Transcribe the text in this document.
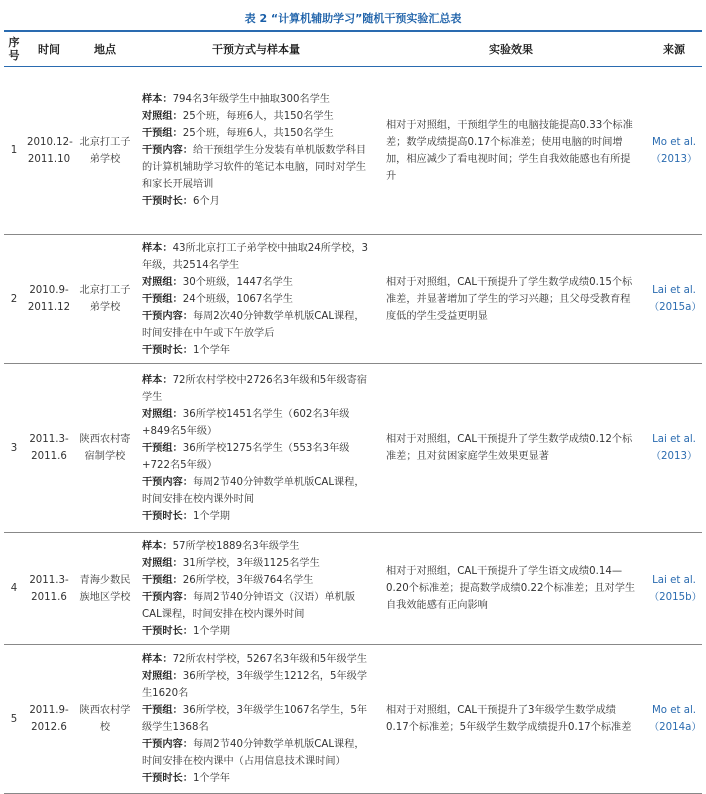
表 2 “计算机辅助学习”随机干预实验汇总表
序号	时间	地点	干预方式与样本量	实验效果	来源
1	2010.12-2011.10	北京打工子弟学校	样本：794名3年级学生中抽取300名学生
对照组：25个班，每班6人，共150名学生
干预组：25个班，每班6人，共150名学生
干预内容：给干预组学生分发装有单机版数学科目的计算机辅助学习软件的笔记本电脑，同时对学生和家长开展培训
干预时长：6个月	相对于对照组，干预组学生的电脑技能提高0.33个标准差；数学成绩提高0.17个标准差；使用电脑的时间增加，相应减少了看电视时间；学生自我效能感也有所提升	Mo et al.（2013）
2	2010.9-2011.12	北京打工子弟学校	样本：43所北京打工子弟学校中抽取24所学校，3年级，共2514名学生
对照组：30个班级，1447名学生
干预组：24个班级，1067名学生
干预内容：每周2次40分钟数学单机版CAL课程，时间安排在中午或下午放学后
干预时长：1个学年	相对于对照组，CAL干预提升了学生数学成绩0.15个标准差，并显著增加了学生的学习兴趣；且父母受教育程度低的学生受益更明显	Lai et al.（2015a）
3	2011.3-2011.6	陕西农村寄宿制学校	样本：72所农村学校中2726名3年级和5年级寄宿学生
对照组：36所学校1451名学生（602名3年级+849名5年级）
干预组：36所学校1275名学生（553名3年级+722名5年级）
干预内容：每周2节40分钟数学单机版CAL课程，时间安排在校内课外时间
干预时长：1个学期	相对于对照组，CAL干预提升了学生数学成绩0.12个标准差；且对贫困家庭学生效果更显著	Lai et al.（2013）
4	2011.3-2011.6	青海少数民族地区学校	样本：57所学校1889名3年级学生
对照组：31所学校，3年级1125名学生
干预组：26所学校，3年级764名学生
干预内容：每周2节40分钟语文（汉语）单机版CAL课程，时间安排在校内课外时间
干预时长：1个学期	相对于对照组，CAL干预提升了学生语文成绩0.14—0.20个标准差；提高数学成绩0.22个标准差；且对学生自我效能感有正向影响	Lai et al.（2015b）
5	2011.9-2012.6	陕西农村学校	样本：72所农村学校，5267名3年级和5年级学生
对照组：36所学校，3年级学生1212名，5年级学生1620名
干预组：36所学校，3年级学生1067名学生，5年级学生1368名
干预内容：每周2节40分钟数学单机版CAL课程，时间安排在校内课中（占用信息技术课时间）
干预时长：1个学年	相对于对照组，CAL干预提升了3年级学生数学成绩0.17个标准差；5年级学生数学成绩提升0.17个标准差	Mo et al.（2014a）
